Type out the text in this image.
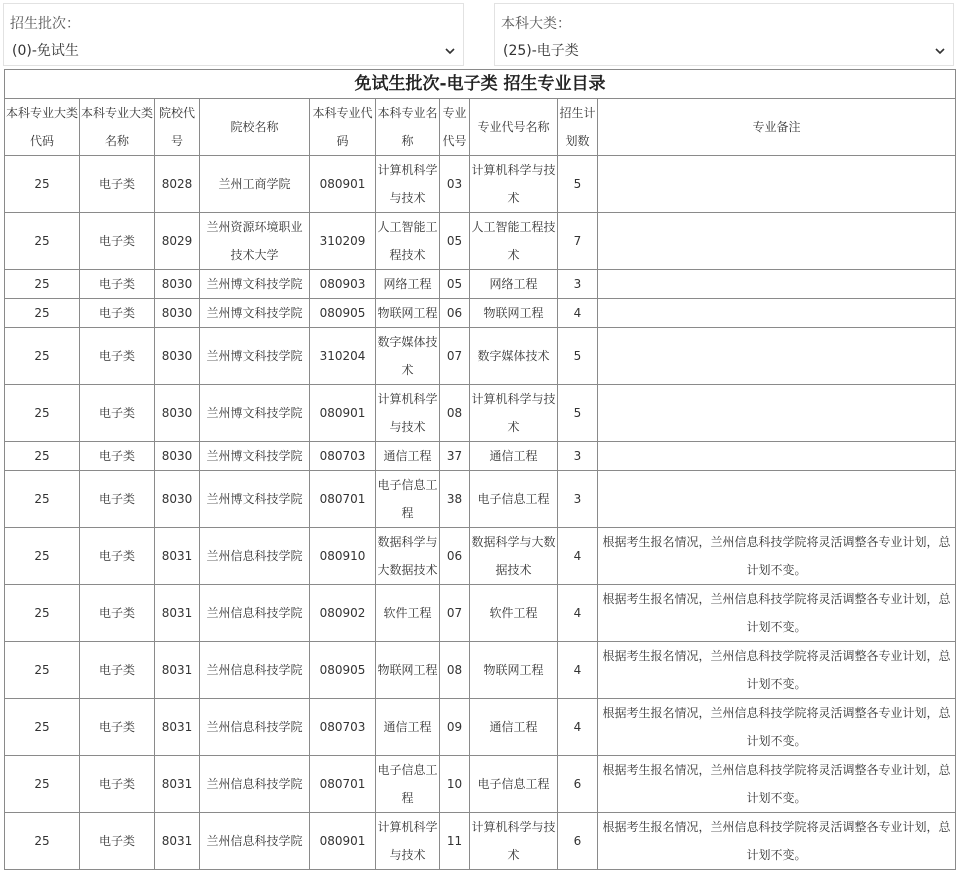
招生批次：
(0)-免试生
本科大类：
(25)-电子类
免试生批次-电子类 招生专业目录									
本科专业大类代码	本科专业大类名称	院校代号	院校名称	本科专业代码	本科专业名称	专业代号	专业代号名称	招生计划数	专业备注
25	电子类	8028	兰州工商学院	080901	计算机科学与技术	03	计算机科学与技术	5	
25	电子类	8029	兰州资源环境职业技术大学	310209	人工智能工程技术	05	人工智能工程技术	7	
25	电子类	8030	兰州博文科技学院	080903	网络工程	05	网络工程	3	
25	电子类	8030	兰州博文科技学院	080905	物联网工程	06	物联网工程	4	
25	电子类	8030	兰州博文科技学院	310204	数字媒体技术	07	数字媒体技术	5	
25	电子类	8030	兰州博文科技学院	080901	计算机科学与技术	08	计算机科学与技术	5	
25	电子类	8030	兰州博文科技学院	080703	通信工程	37	通信工程	3	
25	电子类	8030	兰州博文科技学院	080701	电子信息工程	38	电子信息工程	3	
25	电子类	8031	兰州信息科技学院	080910	数据科学与大数据技术	06	数据科学与大数据技术	4	根据考生报名情况，兰州信息科技学院将灵活调整各专业计划，总计划不变。
25	电子类	8031	兰州信息科技学院	080902	软件工程	07	软件工程	4	根据考生报名情况，兰州信息科技学院将灵活调整各专业计划，总计划不变。
25	电子类	8031	兰州信息科技学院	080905	物联网工程	08	物联网工程	4	根据考生报名情况，兰州信息科技学院将灵活调整各专业计划，总计划不变。
25	电子类	8031	兰州信息科技学院	080703	通信工程	09	通信工程	4	根据考生报名情况，兰州信息科技学院将灵活调整各专业计划，总计划不变。
25	电子类	8031	兰州信息科技学院	080701	电子信息工程	10	电子信息工程	6	根据考生报名情况，兰州信息科技学院将灵活调整各专业计划，总计划不变。
25	电子类	8031	兰州信息科技学院	080901	计算机科学与技术	11	计算机科学与技术	6	根据考生报名情况，兰州信息科技学院将灵活调整各专业计划，总计划不变。
